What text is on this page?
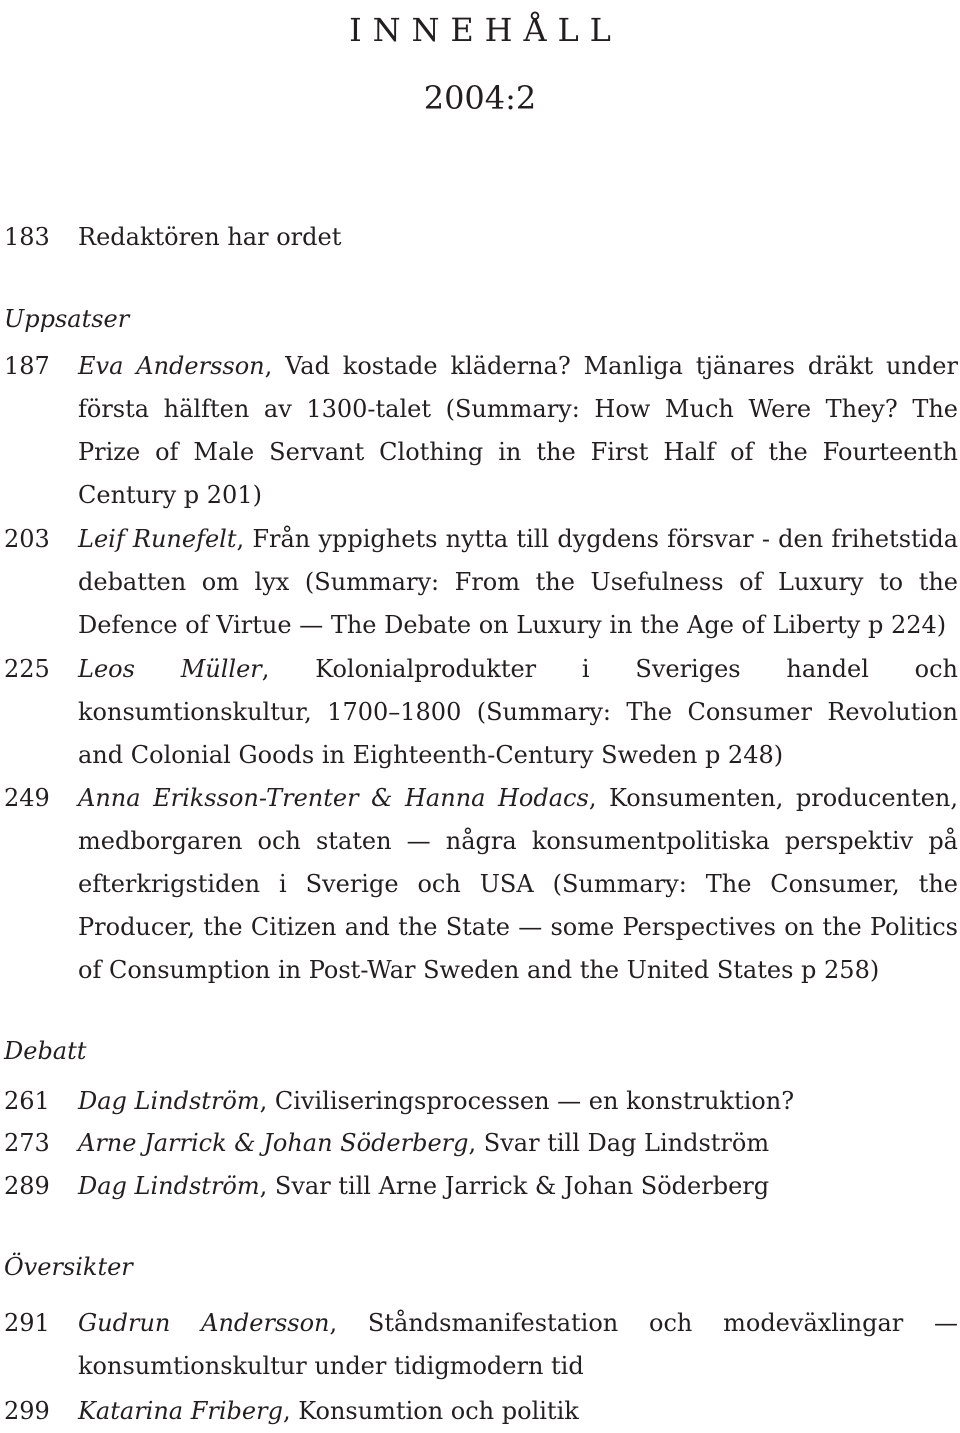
INNEHÅLL
2004:2
183	Redaktören har ordet
Uppsatser
187	Eva Andersson, Vad kostade kläderna? Manliga tjänares dräkt under första hälften av 1300-talet (Summary: How Much Were They? The Prize of Male Servant Clothing in the First Half of the Fourteenth Century p 201)
203	Leif Runefelt, Från yppighets nytta till dygdens försvar - den frihetstida debatten om lyx (Summary: From the Usefulness of Luxury to the Defence of Virtue — The Debate on Luxury in the Age of Liberty p 224)
225	Leos Müller, Kolonialprodukter i Sveriges handel och konsumtionskultur, 1700–1800 (Summary: The Consumer Revolution and Colonial Goods in Eighteenth-Century Sweden p 248)
249	Anna Eriksson-Trenter & Hanna Hodacs, Konsumenten, producenten, medborgaren och staten — några konsumentpolitiska perspektiv på efterkrigstiden i Sverige och USA (Summary: The Consumer, the Producer, the Citizen and the State — some Perspectives on the Politics of Consumption in Post-War Sweden and the United States p 258)
Debatt
261	Dag Lindström, Civiliseringsprocessen — en konstruktion?
273	Arne Jarrick & Johan Söderberg, Svar till Dag Lindström
289	Dag Lindström, Svar till Arne Jarrick & Johan Söderberg
Översikter
291	Gudrun Andersson, Ståndsmanifestation och modeväxlingar — konsumtionskultur under tidigmodern tid
299	Katarina Friberg, Konsumtion och politik
